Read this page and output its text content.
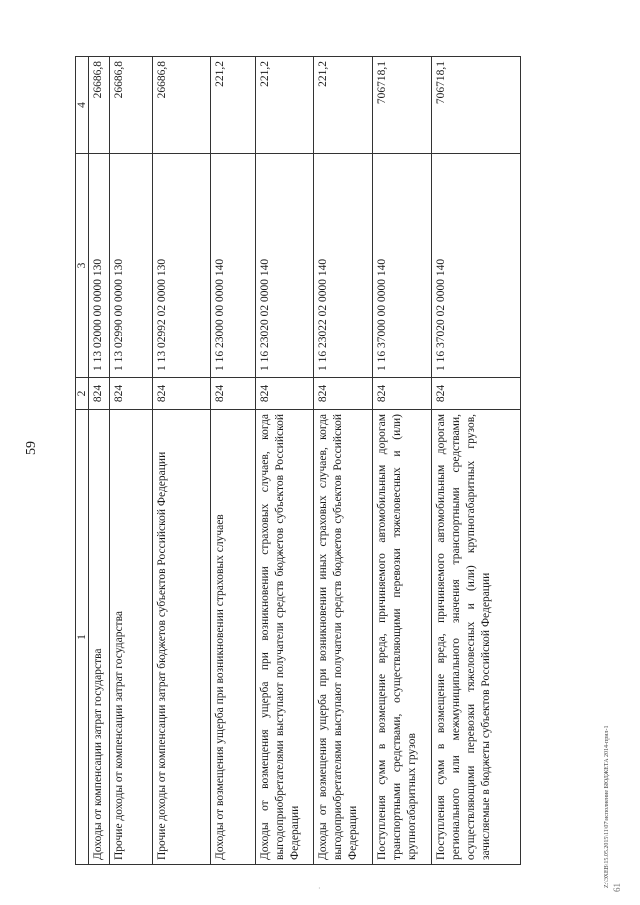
59
1	2	3	4
Доходы от компенсации затрат государства	824	1 13 02000 00 0000 130	26686,8
Прочие доходы от компенсации затрат государства	824	1 13 02990 00 0000 130	26686,8
Прочие доходы от компенсации затрат бюджетов субъектов Российской Федерации	824	1 13 02992 02 0000 130	26686,8
Доходы от возмещения ущерба при возникновении страховых случаев	824	1 16 23000 00 0000 140	221,2
Доходы от возмещения ущерба при возникновении страховых случаев, когда выгодоприобретателями выступают получатели средств бюджетов субъектов Российской Федерации	824	1 16 23020 02 0000 140	221,2
Доходы от возмещения ущерба при возникновении иных страховых случаев, когда выгодоприобретателями выступают получатели средств бюджетов субъектов Российской Федерации	824	1 16 23022 02 0000 140	221,2
Поступления сумм в возмещение вреда, причиняемого автомобильным дорогам транспортными средствами, осуществляющими перевозки тяжеловесных и (или) крупногабаритных грузов	824	1 16 37000 00 0000 140	706718,1
Поступления сумм в возмещение вреда, причиняемого автомобильным дорогам регионального или межмуниципального значения транспортными средствами, осуществляющими перевозки тяжеловесных и (или) крупногабаритных грузов, зачисляемые в бюджеты субъектов Российской Федерации	824	1 16 37020 02 0000 140	706718,1
Z:\ЭХЕВ\15.05.2015\11\07\исполнение БЮДЖЕТА 2014-прил-1 61
·
